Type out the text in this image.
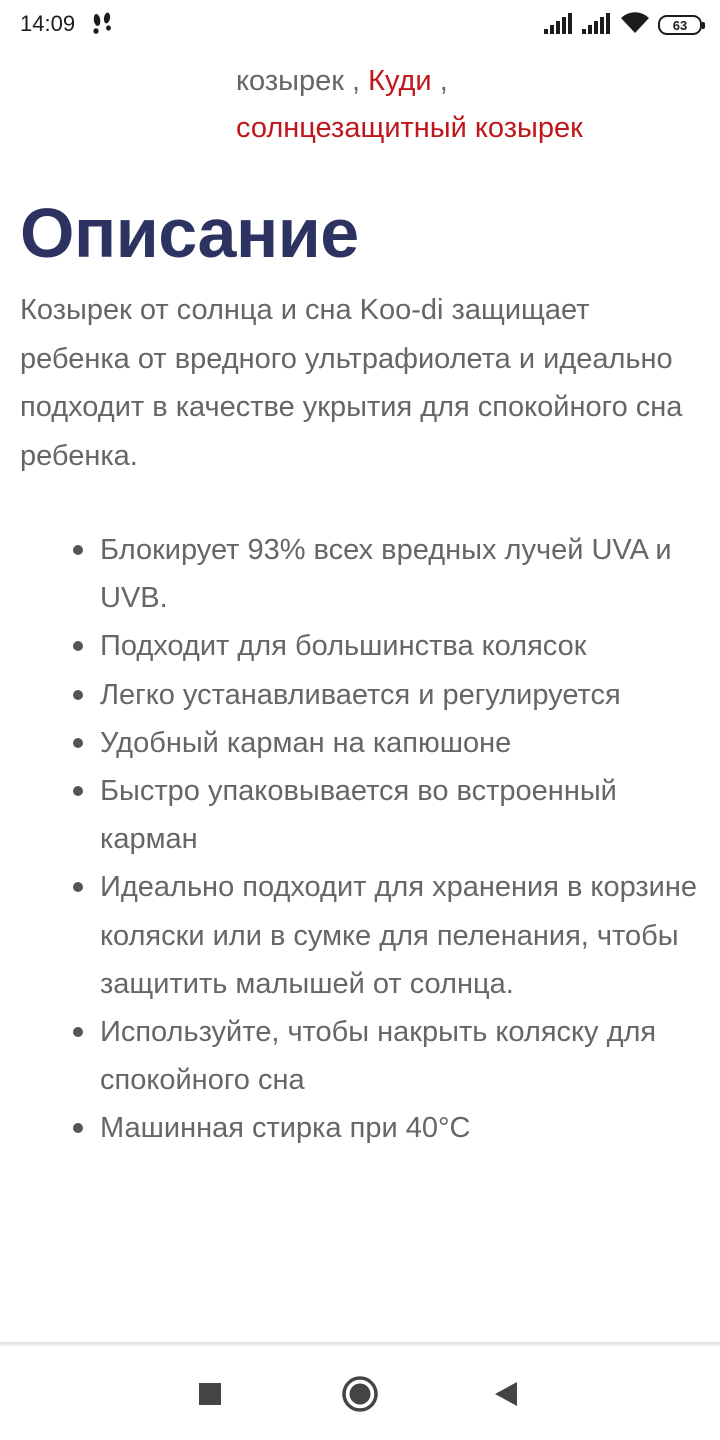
14:09	63
козырек , Куди ,
солнцезащитный козырек
Описание

Козырек от солнца и сна Koo-di защищает ребенка от вредного ультрафиолета и идеально подходит в качестве укрытия для спокойного сна ребенка.

Блокирует 93% всех вредных лучей UVA и UVB.
Подходит для большинства колясок
Легко устанавливается и регулируется
Удобный карман на капюшоне
Быстро упаковывается во встроенный карман
Идеально подходит для хранения в корзине коляски или в сумке для пеленания, чтобы защитить малышей от солнца.
Используйте, чтобы накрыть коляску для спокойного сна
Машинная стирка при 40°C
